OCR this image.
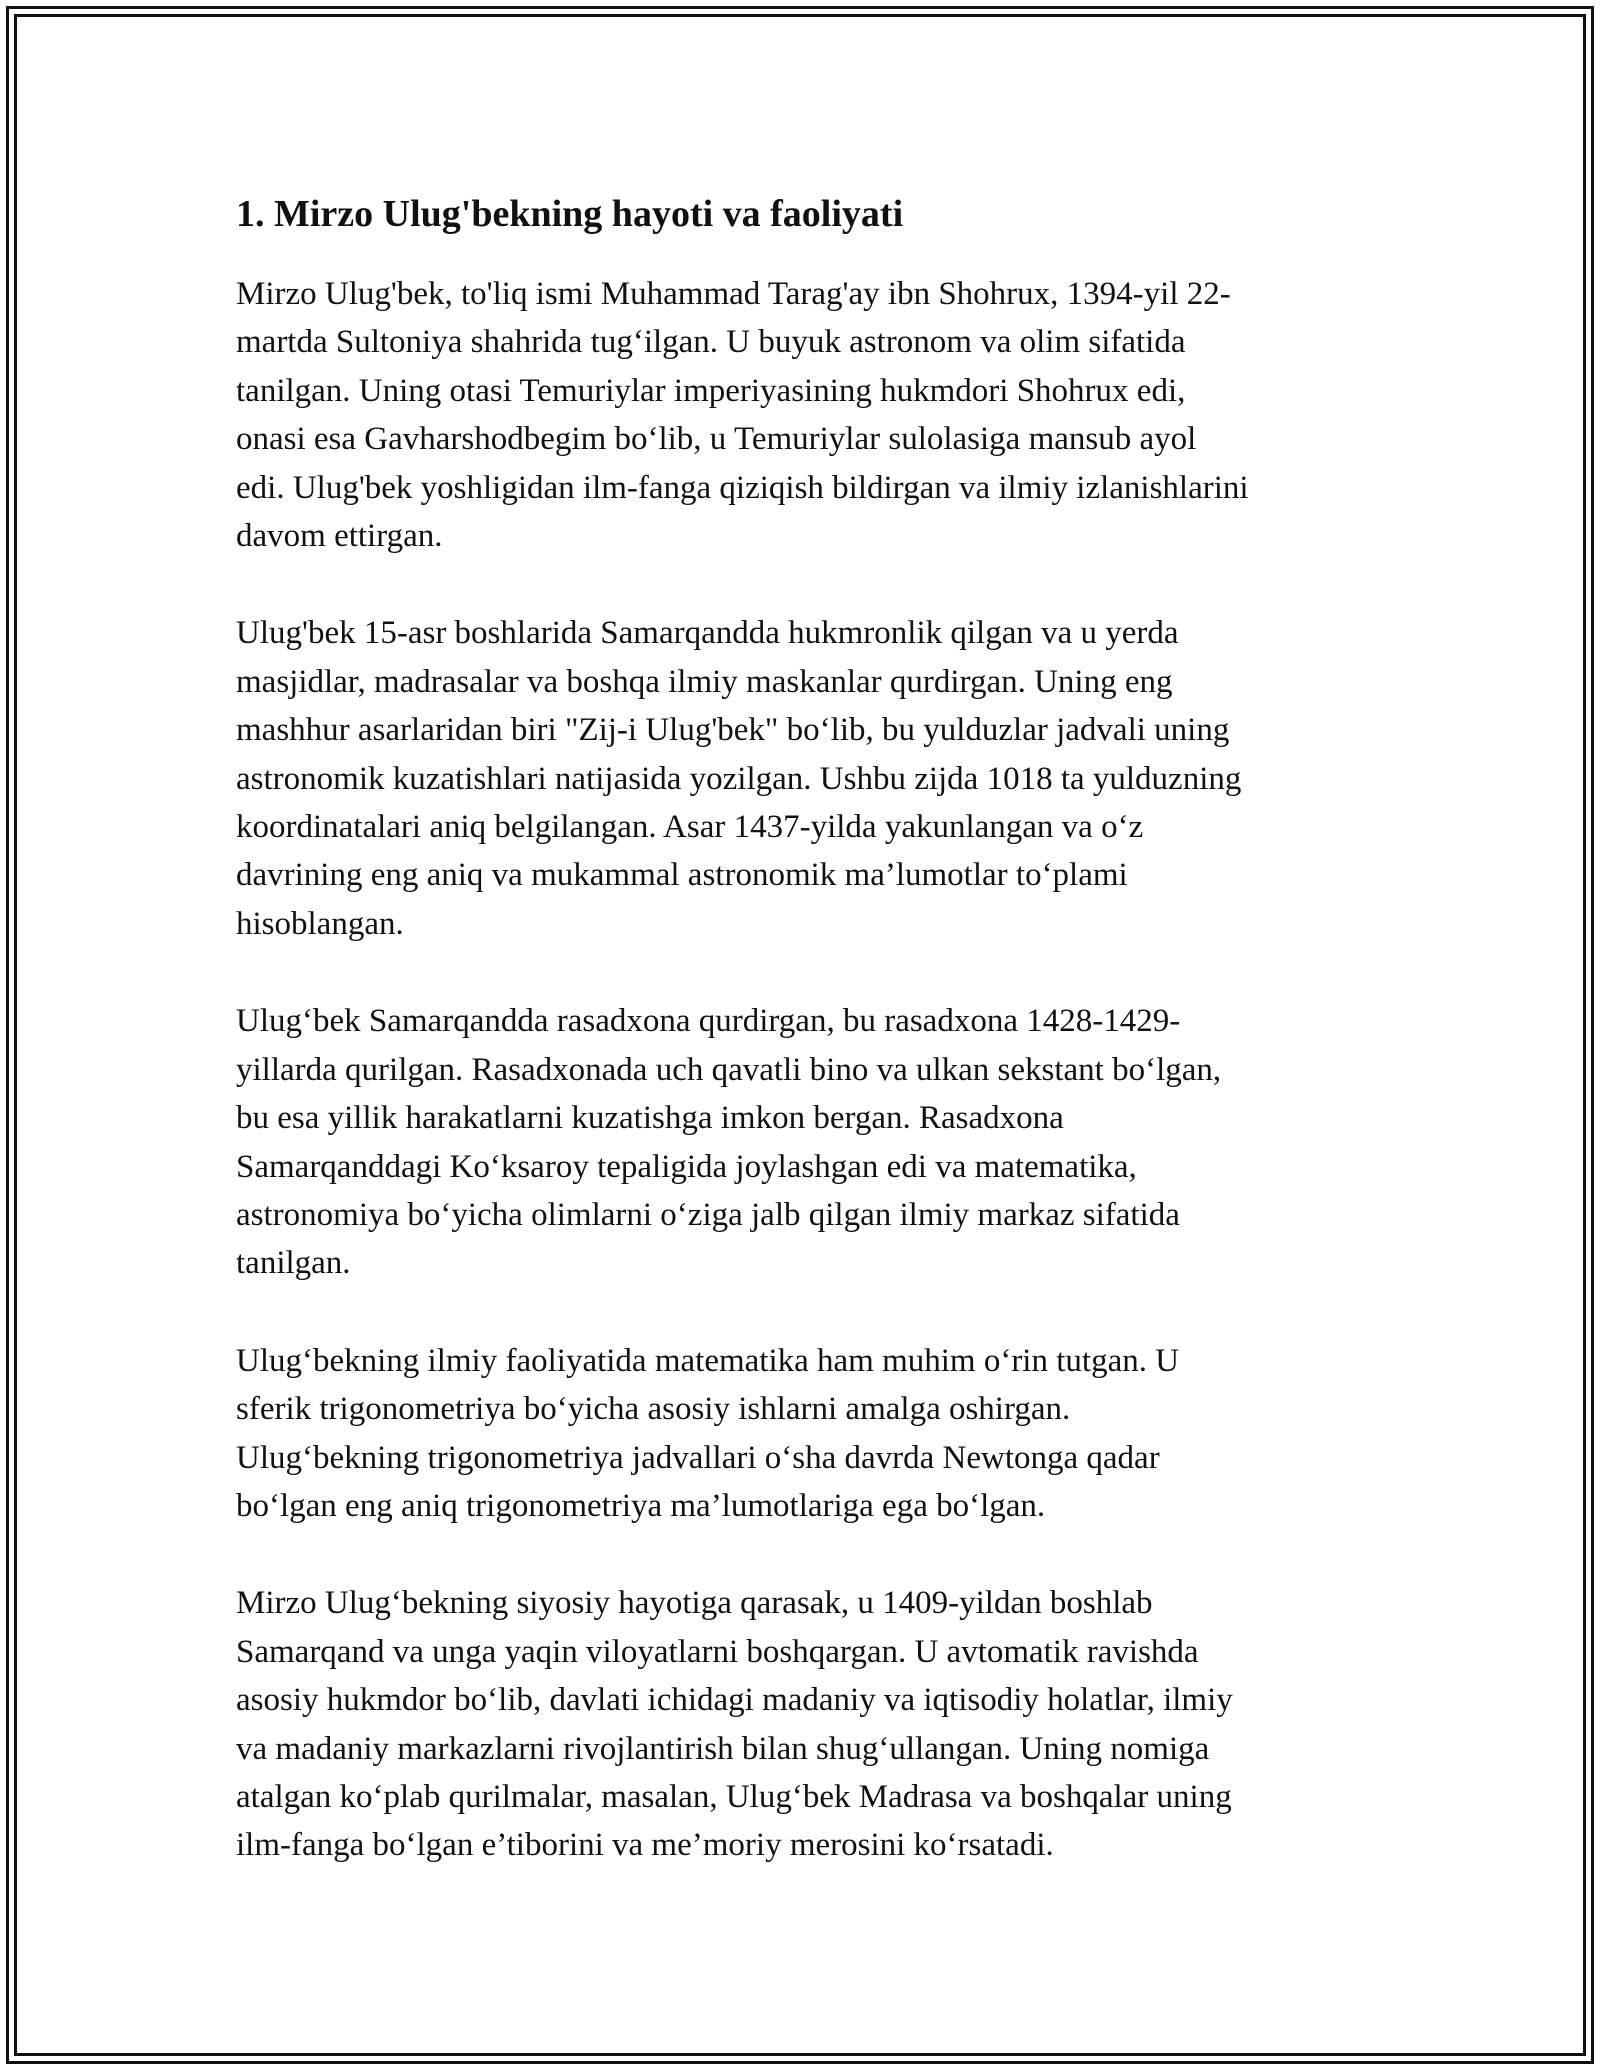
1. Mirzo Ulug'bekning hayoti va faoliyati

Mirzo Ulug'bek, to'liq ismi Muhammad Tarag'ay ibn Shohrux, 1394-yil 22-
martda Sultoniya shahrida tug‘ilgan. U buyuk astronom va olim sifatida
tanilgan. Uning otasi Temuriylar imperiyasining hukmdori Shohrux edi,
onasi esa Gavharshodbegim bo‘lib, u Temuriylar sulolasiga mansub ayol
edi. Ulug'bek yoshligidan ilm-fanga qiziqish bildirgan va ilmiy izlanishlarini
davom ettirgan.

Ulug'bek 15-asr boshlarida Samarqandda hukmronlik qilgan va u yerda
masjidlar, madrasalar va boshqa ilmiy maskanlar qurdirgan. Uning eng
mashhur asarlaridan biri "Zij-i Ulug'bek" bo‘lib, bu yulduzlar jadvali uning
astronomik kuzatishlari natijasida yozilgan. Ushbu zijda 1018 ta yulduzning
koordinatalari aniq belgilangan. Asar 1437-yilda yakunlangan va o‘z
davrining eng aniq va mukammal astronomik ma’lumotlar to‘plami
hisoblangan.

Ulug‘bek Samarqandda rasadxona qurdirgan, bu rasadxona 1428-1429-
yillarda qurilgan. Rasadxonada uch qavatli bino va ulkan sekstant bo‘lgan,
bu esa yillik harakatlarni kuzatishga imkon bergan. Rasadxona
Samarqanddagi Ko‘ksaroy tepaligida joylashgan edi va matematika,
astronomiya bo‘yicha olimlarni o‘ziga jalb qilgan ilmiy markaz sifatida
tanilgan.

Ulug‘bekning ilmiy faoliyatida matematika ham muhim o‘rin tutgan. U
sferik trigonometriya bo‘yicha asosiy ishlarni amalga oshirgan.
Ulug‘bekning trigonometriya jadvallari o‘sha davrda Newtonga qadar
bo‘lgan eng aniq trigonometriya ma’lumotlariga ega bo‘lgan.

Mirzo Ulug‘bekning siyosiy hayotiga qarasak, u 1409-yildan boshlab
Samarqand va unga yaqin viloyatlarni boshqargan. U avtomatik ravishda
asosiy hukmdor bo‘lib, davlati ichidagi madaniy va iqtisodiy holatlar, ilmiy
va madaniy markazlarni rivojlantirish bilan shug‘ullangan. Uning nomiga
atalgan ko‘plab qurilmalar, masalan, Ulug‘bek Madrasa va boshqalar uning
ilm-fanga bo‘lgan e’tiborini va me’moriy merosini ko‘rsatadi.
